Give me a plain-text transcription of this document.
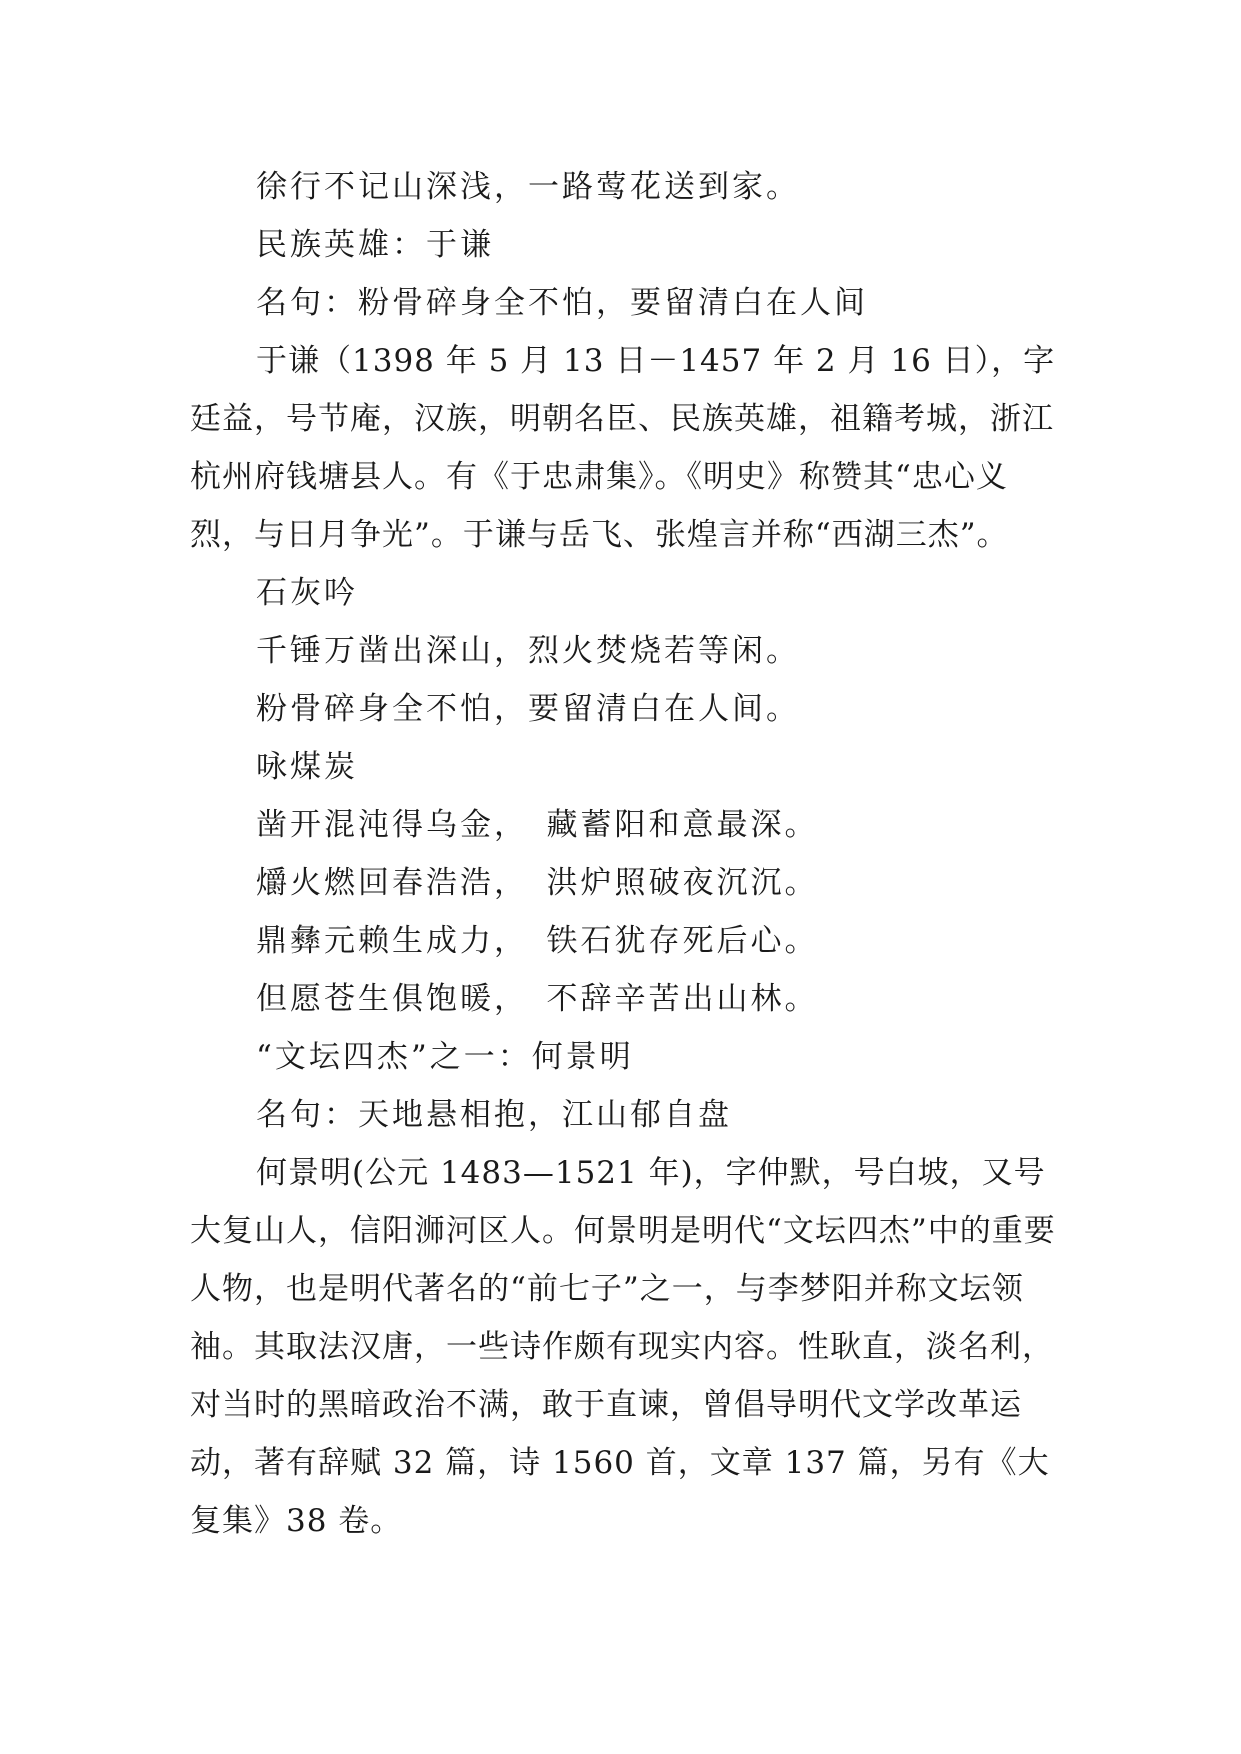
徐行不记山深浅，一路莺花送到家。

民族英雄：于谦

名句：粉骨碎身全不怕，要留清白在人间

于谦（1398 年 5 月 13 日－1457 年 2 月 16 日），字廷益，号节庵，汉族，明朝名臣、民族英雄，祖籍考城，浙江杭州府钱塘县人。有《于忠肃集》。《明史》称赞其“忠心义烈，与日月争光”。于谦与岳飞、张煌言并称“西湖三杰”。

石灰吟

千锤万凿出深山，烈火焚烧若等闲。

粉骨碎身全不怕，要留清白在人间。

咏煤炭

凿开混沌得乌金，　藏蓄阳和意最深。

爝火燃回春浩浩，　洪炉照破夜沉沉。

鼎彝元赖生成力，　铁石犹存死后心。

但愿苍生俱饱暖，　不辞辛苦出山林。

“文坛四杰”之一：何景明

名句：天地悬相抱，江山郁自盘

何景明(公元 1483—1521 年)，字仲默，号白坡，又号大复山人，信阳浉河区人。何景明是明代“文坛四杰”中的重要人物，也是明代著名的“前七子”之一，与李梦阳并称文坛领袖。其取法汉唐，一些诗作颇有现实内容。性耿直，淡名利，对当时的黑暗政治不满，敢于直谏，曾倡导明代文学改革运动，著有辞赋 32 篇，诗 1560 首，文章 137 篇，另有《大复集》38 卷。
